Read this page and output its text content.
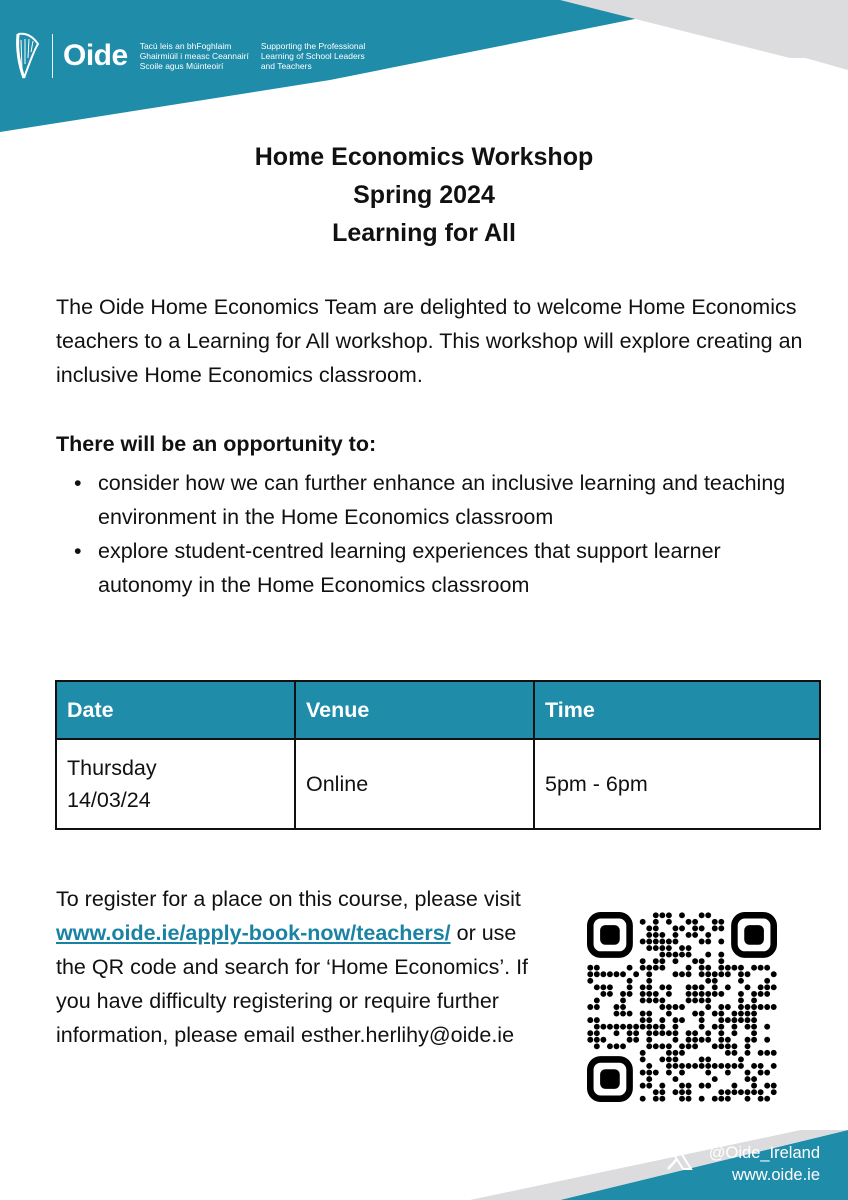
Oide Tacú leis an bhFoghlaim
Ghairmiúil i measc Ceannairí
Scoile agus Múinteoirí
Supporting the Professional
Learning of School Leaders
and Teachers
Home Economics Workshop
Spring 2024
Learning for All
The Oide Home Economics Team are delighted to welcome Home Economics teachers to a Learning for All workshop. This workshop will explore creating an inclusive Home Economics classroom.
There will be an opportunity to:
• consider how we can further enhance an inclusive learning and teaching environment in the Home Economics classroom
• explore student-centred learning experiences that support learner autonomy in the Home Economics classroom
Date	Venue	Time
Thursday
14/03/24	Online	5pm - 6pm
To register for a place on this course, please visit www.oide.ie/apply-book-now/teachers/ or use the QR code and search for ‘Home Economics’. If you have difficulty registering or require further information, please email esther.herlihy@oide.ie
@Oide_Ireland
www.oide.ie
